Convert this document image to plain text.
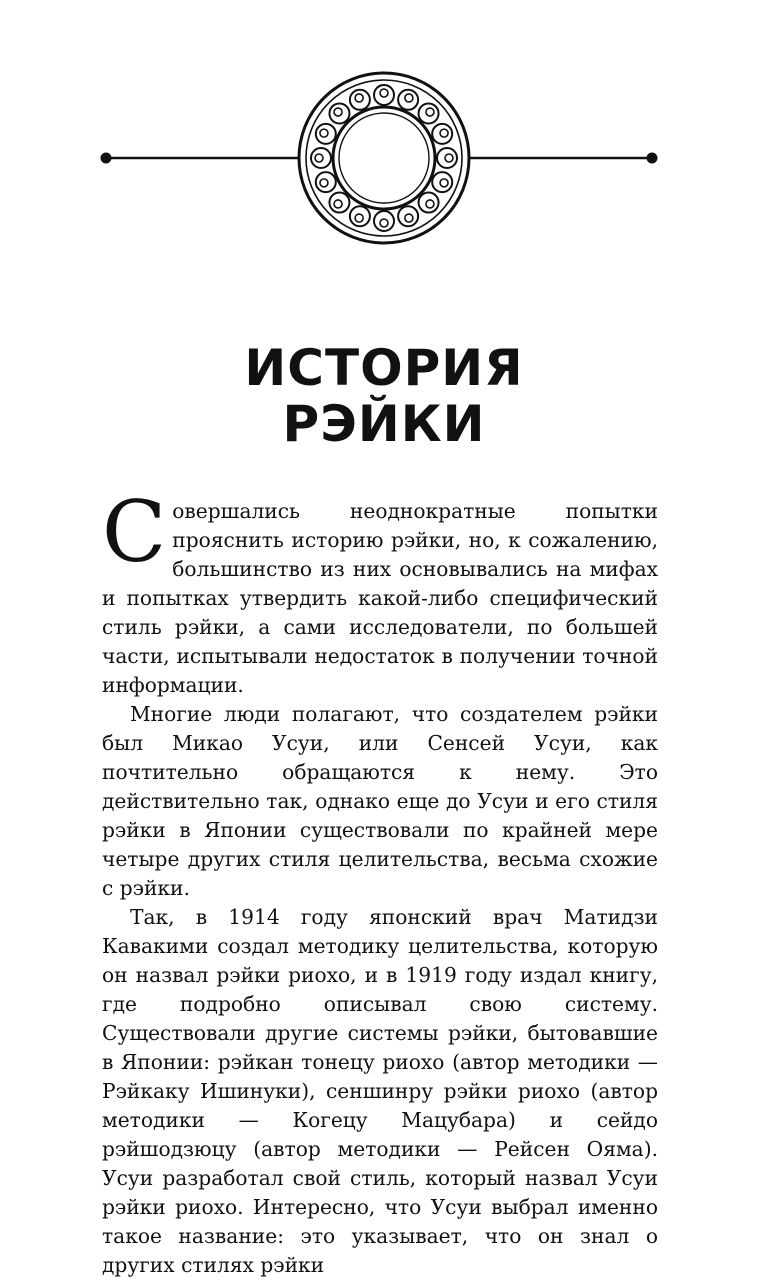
ИСТОРИЯ
РЭЙКИ

Совершались неоднократные попытки прояснить историю рэйки, но, к сожалению, большинство из них основывались на мифах и попытках утвердить какой-либо специфический стиль рэйки, а сами исследователи, по большей части, испытывали недостаток в получении точной информации.

Многие люди полагают, что создателем рэйки был Микао Усуи, или Сенсей Усуи, как почтительно обращаются к нему. Это действительно так, однако еще до Усуи и его стиля рэйки в Японии существовали по крайней мере четыре других стиля целительства, весьма схожие с рэйки.

Так, в 1914 году японский врач Матидзи Кавакими создал методику целительства, которую он назвал рэйки риохо, и в 1919 году издал книгу, где подробно описывал свою систему. Существовали другие системы рэйки, бытовавшие в Японии: рэйкан тонецу риохо (автор методики — Рэйкаку Ишинуки), сеншинру рэйки риохо (автор методики — Когецу Мацубара) и сейдо рэйшодзюцу (автор методики — Рейсен Ояма). Усуи разработал свой стиль, который назвал Усуи рэйки риохо. Интересно, что Усуи выбрал именно такое название: это указывает, что он знал о других стилях рэйки
